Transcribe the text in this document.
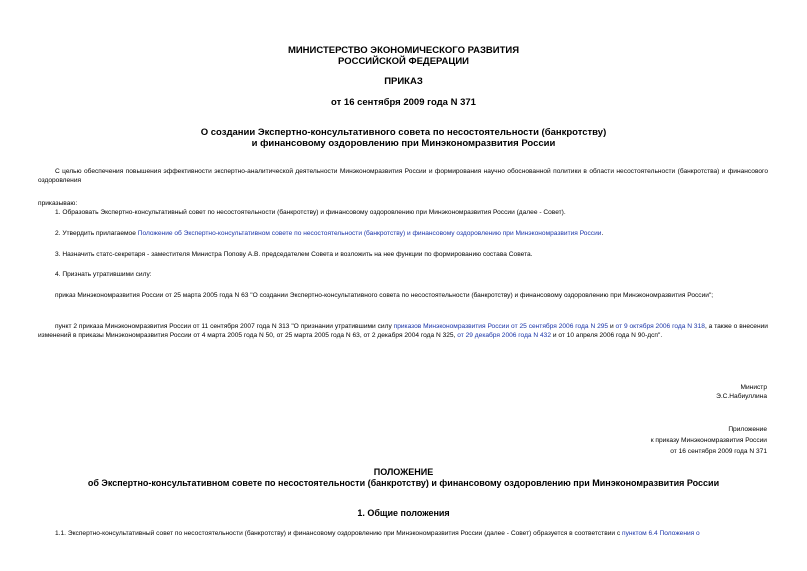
МИНИСТЕРСТВО ЭКОНОМИЧЕСКОГО РАЗВИТИЯ
РОССИЙСКОЙ ФЕДЕРАЦИИ
ПРИКАЗ
от 16 сентября 2009 года N 371
О создании Экспертно-консультативного совета по несостоятельности (банкротству)
и финансовому оздоровлению при Минэкономразвития России
С целью обеспечения повышения эффективности экспертно-аналитической деятельности Минэкономразвития России и формирования научно обоснованной политики в области несостоятельности (банкротства) и финансового оздоровления
приказываю:
1. Образовать Экспертно-консультативный совет по несостоятельности (банкротству) и финансовому оздоровлению при Минэкономразвития России (далее - Совет).
2. Утвердить прилагаемое Положение об Экспертно-консультативном совете по несостоятельности (банкротству) и финансовому оздоровлению при Минэкономразвития России.
3. Назначить статс-секретаря - заместителя Министра Попову А.В. председателем Совета и возложить на нее функции по формированию состава Совета.
4. Признать утратившими силу:
приказ Минэкономразвития России от 25 марта 2005 года N 63 "О создании Экспертно-консультативного совета по несостоятельности (банкротству) и финансовому оздоровлению при Минэкономразвития России";
пункт 2 приказа Минэкономразвития России от 11 сентября 2007 года N 313 "О признании утратившими силу приказов Минэкономразвития России от 25 сентября 2006 года N 295 и от 9 октября 2006 года N 318, а также о внесении изменений в приказы Минэкономразвития России от 4 марта 2005 года N 50, от 25 марта 2005 года N 63, от 2 декабря 2004 года N 325, от 29 декабря 2006 года N 432 и от 10 апреля 2006 года N 90-дсп".
Министр
Э.С.Набиуллина
Приложение
к приказу Минэкономразвития России
от 16 сентября 2009 года N 371
ПОЛОЖЕНИЕ
об Экспертно-консультативном совете по несостоятельности (банкротству) и финансовому оздоровлению при Минэкономразвития России
1. Общие положения
1.1. Экспертно-консультативный совет по несостоятельности (банкротству) и финансовому оздоровлению при Минэкономразвития России (далее - Совет) образуется в соответствии с пунктом 6.4 Положения о
